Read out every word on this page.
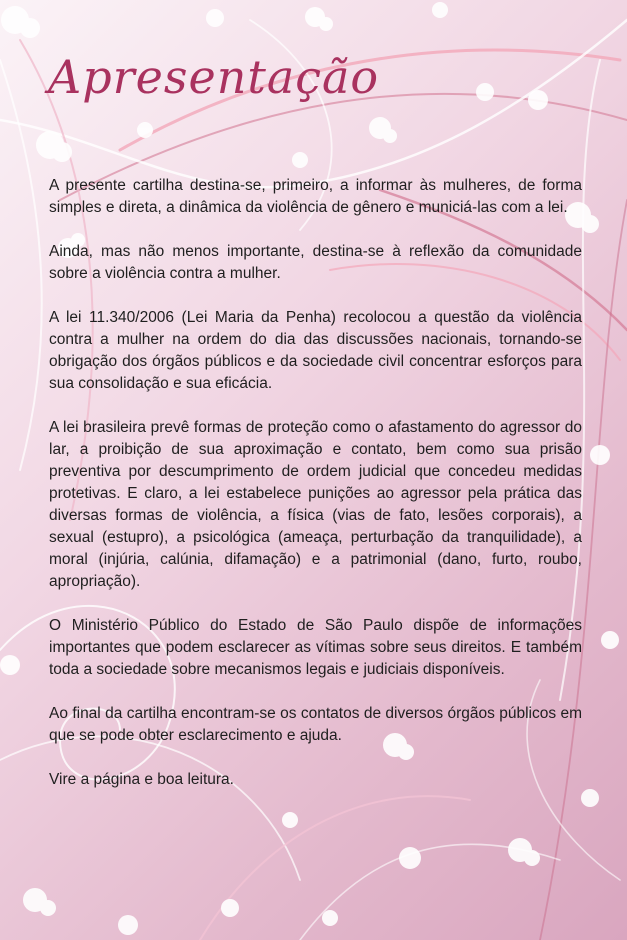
Apresentação

A presente cartilha destina-se, primeiro, a informar às mulheres, de forma simples e direta, a dinâmica da violência de gênero e municiá-las com a lei.

Ainda, mas não menos importante, destina-se à reflexão da comunidade sobre a violência contra a mulher.

A lei 11.340/2006 (Lei Maria da Penha) recolocou a questão da violência contra a mulher na ordem do dia das discussões nacionais, tornando-se obrigação dos órgãos públicos e da sociedade civil concentrar esforços para sua consolidação e sua eficácia.

A lei brasileira prevê formas de proteção como o afastamento do agressor do lar, a proibição de sua aproximação e contato, bem como sua prisão preventiva por descumprimento de ordem judicial que concedeu medidas protetivas. E claro, a lei estabelece punições ao agressor pela prática das diversas formas de violência, a física (vias de fato, lesões corporais), a sexual (estupro), a psicológica (ameaça, perturbação da tranquilidade), a moral (injúria, calúnia, difamação) e a patrimonial (dano, furto, roubo, apropriação).

O Ministério Público do Estado de São Paulo dispõe de informações importantes que podem esclarecer as vítimas sobre seus direitos. E também toda a sociedade sobre mecanismos legais e judiciais disponíveis.

Ao final da cartilha encontram-se os contatos de diversos órgãos públicos em que se pode obter esclarecimento e ajuda.

Vire a página e boa leitura.
